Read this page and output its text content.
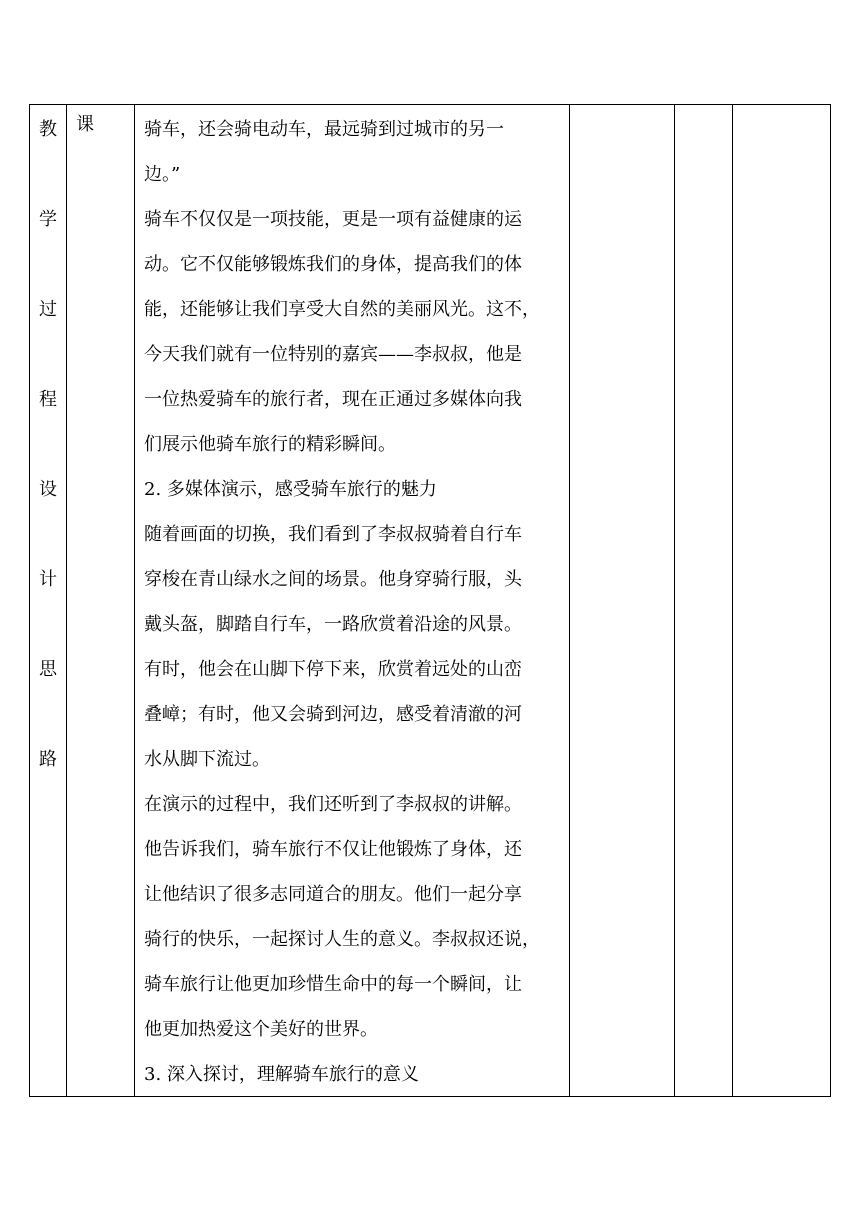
教
学
过
程
设
计
思
路
课	骑车，还会骑电动车，最远骑到过城市的另一
边。”
骑车不仅仅是一项技能，更是一项有益健康的运
动。它不仅能够锻炼我们的身体，提高我们的体
能，还能够让我们享受大自然的美丽风光。这不，
今天我们就有一位特别的嘉宾——李叔叔，他是
一位热爱骑车的旅行者，现在正通过多媒体向我
们展示他骑车旅行的精彩瞬间。
2. 多媒体演示，感受骑车旅行的魅力
随着画面的切换，我们看到了李叔叔骑着自行车
穿梭在青山绿水之间的场景。他身穿骑行服，头
戴头盔，脚踏自行车，一路欣赏着沿途的风景。
有时，他会在山脚下停下来，欣赏着远处的山峦
叠嶂；有时，他又会骑到河边，感受着清澈的河
水从脚下流过。
在演示的过程中，我们还听到了李叔叔的讲解。
他告诉我们，骑车旅行不仅让他锻炼了身体，还
让他结识了很多志同道合的朋友。他们一起分享
骑行的快乐，一起探讨人生的意义。李叔叔还说，
骑车旅行让他更加珍惜生命中的每一个瞬间，让
他更加热爱这个美好的世界。
3. 深入探讨，理解骑车旅行的意义
